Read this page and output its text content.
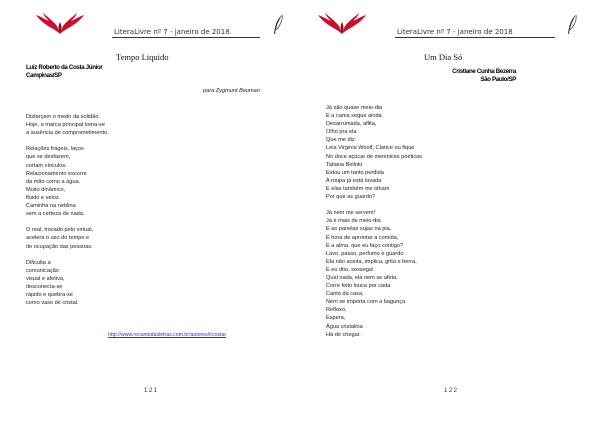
LiteraLivre nº 7 - janeiro de 2018
Tempo Liquido
Luiz Roberto da Costa Júnior
Campinas/SP
para Zygmunt Bauman
Disfarçam o medo da solidão.
Hoje, a marca principal toma-se
a ausência de comprometimento.
Relações frágeis, laços
que se desfazem,
cortam vínculos.
Relacionamento escorre
da mão como a água.
Muito dinâmico,
fluido e veloz.
Caminha na neblina
sem a certeza de nada.
O real, trocado pelo virtual,
acelera o uso do tempo e
de ocupação das pessoas.
Dificulta a
comunicação
visual e afetiva,
desconecta-se
rápido e quebra-se
como vaso de cristal.
http://www.recantodasletras.com.br/autores/lrcostar
121
LiteraLivre nº 7 - janeiro de 2018
Um Dia Só
Cristiane Cunha Bezerra
São Paulo/SP
Já são quase meio-dia
E a cama segue ainda
Desarrumada, aflita,
Olho pra ela
Que me diz:
Leia Virginia Woolf, Clarice ou fique
No doce açúcar de meninices poéticas
Tatiana Belinki
Estou um tanto perdida
A roupa já está lavada
E elas também me olham
Por que as guardo?
Já nem me servem!
Já é mais de meio-dia
E as panelas sujas na pia,
É hora de aprontar a comida,
E a alma, que eu faço contigo?
Lavo, passo, perfumo e guardo
Ela não aceita, implica, grita e berra,
E eu dito, sossega!
Qual nada, ela nem se afeta.
Corre feito louca por cada
Canto da casa,
Nem se importa com a bagunça
Reflexo,
Espera,
Água cristalina
Há de chegar.
122
